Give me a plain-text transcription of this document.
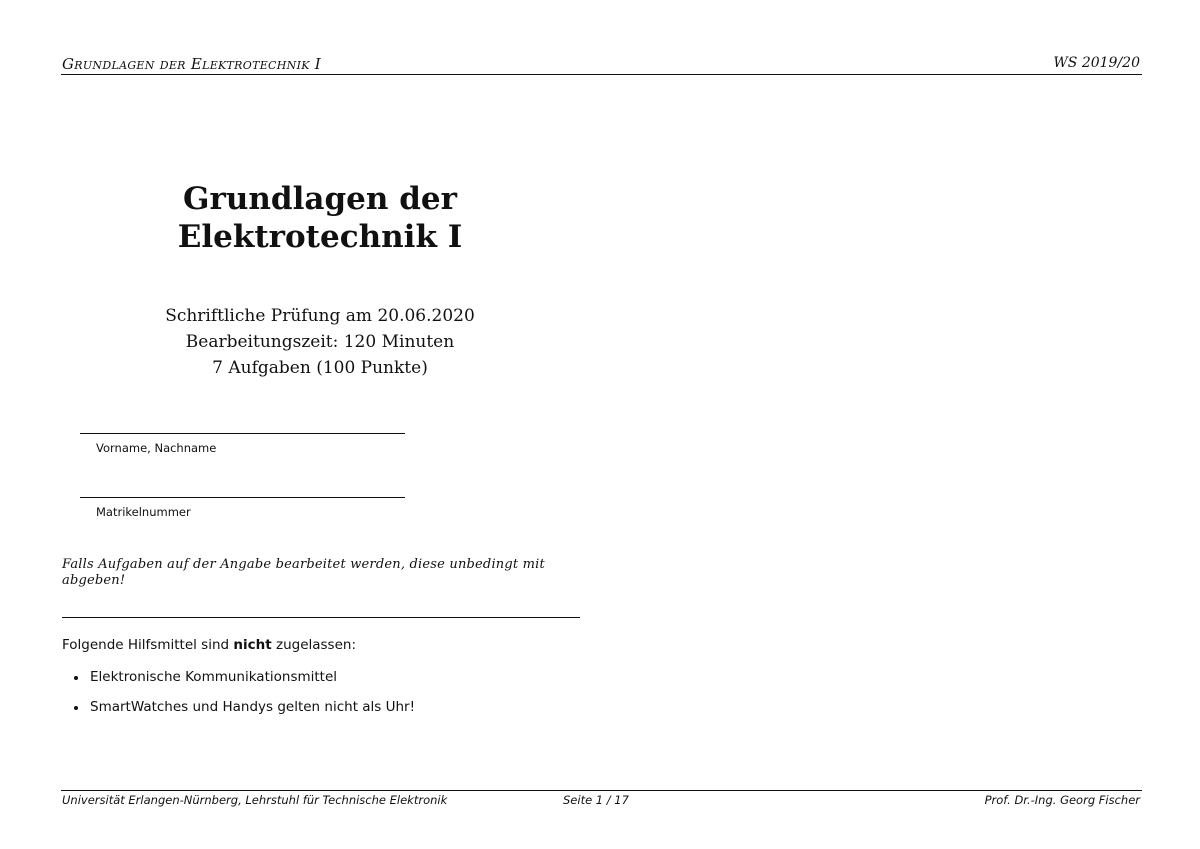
Grundlagen der Elektrotechnik I	WS 2019/20
Grundlagen der
Elektrotechnik I
Schriftliche Prüfung am 20.06.2020
Bearbeitungszeit: 120 Minuten
7 Aufgaben (100 Punkte)
Vorname, Nachname
Matrikelnummer
Falls Aufgaben auf der Angabe bearbeitet werden, diese unbedingt mit abgeben!
Folgende Hilfsmittel sind nicht zugelassen:
Elektronische Kommunikationsmittel
SmartWatches und Handys gelten nicht als Uhr!
Universität Erlangen-Nürnberg, Lehrstuhl für Technische Elektronik	Seite 1 / 17	Prof. Dr.-Ing. Georg Fischer
